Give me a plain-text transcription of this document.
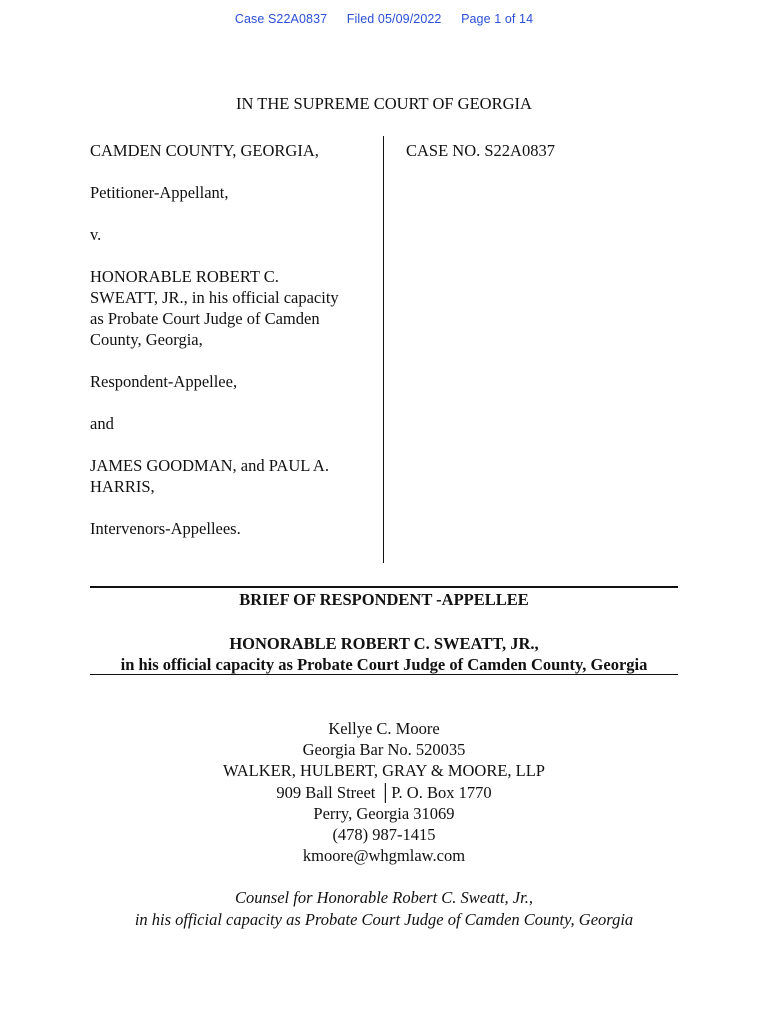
Case S22A0837 Filed 05/09/2022 Page 1 of 14
IN THE SUPREME COURT OF GEORGIA

CAMDEN COUNTY, GEORGIA,

Petitioner-Appellant,

v.

HONORABLE ROBERT C.

SWEATT, JR., in his official capacity

as Probate Court Judge of Camden

County, Georgia,

Respondent-Appellee,

and

JAMES GOODMAN, and PAUL A.

HARRIS,

Intervenors-Appellees.

CASE NO. S22A0837
BRIEF OF RESPONDENT -APPELLEE
HONORABLE ROBERT C. SWEATT, JR.,
in his official capacity as Probate Court Judge of Camden County, Georgia
Kellye C. Moore
Georgia Bar No. 520035
WALKER, HULBERT, GRAY & MOORE, LLP
909 Ball Street │P. O. Box 1770
Perry, Georgia 31069
(478) 987-1415
kmoore@whgmlaw.com
Counsel for Honorable Robert C. Sweatt, Jr.,
in his official capacity as Probate Court Judge of Camden County, Georgia
